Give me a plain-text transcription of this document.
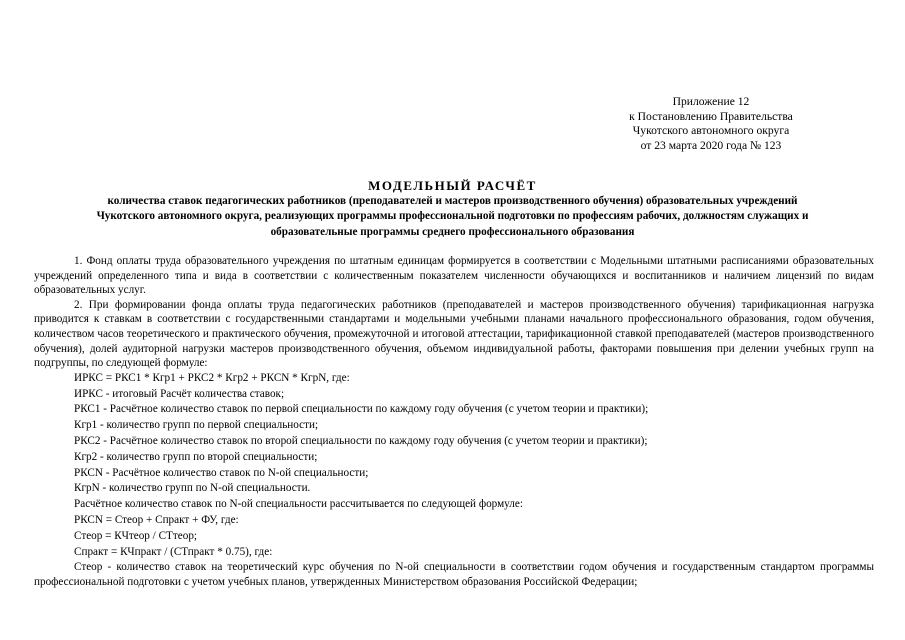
Приложение 12
к Постановлению Правительства
Чукотского автономного округа
от 23 марта 2020 года № 123
МОДЕЛЬНЫЙ РАСЧЁТ
количества ставок педагогических работников (преподавателей и мастеров производственного обучения) образовательных учреждений
Чукотского автономного округа, реализующих программы профессиональной подготовки по профессиям рабочих, должностям служащих и
образовательные программы среднего профессионального образования

1. Фонд оплаты труда образовательного учреждения по штатным единицам формируется в соответствии с Модельными штатными расписаниями образовательных учреждений определенного типа и вида в соответствии с количественным показателем численности обучающихся и воспитанников и наличием лицензий по видам образовательных услуг.

2. При формировании фонда оплаты труда педагогических работников (преподавателей и мастеров производственного обучения) тарификационная нагрузка приводится к ставкам в соответствии с государственными стандартами и модельными учебными планами начального профессионального образования, годом обучения, количеством часов теоретического и практического обучения, промежуточной и итоговой аттестации, тарификационной ставкой преподавателей (мастеров производственного обучения), долей аудиторной нагрузки мастеров производственного обучения, объемом индивидуальной работы, факторами повышения при делении учебных групп на подгруппы, по следующей формуле:

ИРКС = РКС1 * Кгр1 + РКС2 * Кгр2 + РКСN * КгрN, где:

ИРКС - итоговый Расчёт количества ставок;

РКС1 - Расчётное количество ставок по первой специальности по каждому году обучения (с учетом теории и практики);

Кгр1 - количество групп по первой специальности;

РКС2 - Расчётное количество ставок по второй специальности по каждому году обучения (с учетом теории и практики);

Кгр2 - количество групп по второй специальности;

РКСN - Расчётное количество ставок по N-ой специальности;

КгрN - количество групп по N-ой специальности.

Расчётное количество ставок по N-ой специальности рассчитывается по следующей формуле:

РКСN = Стеор + Спракт + ФУ, где:

Стеор = КЧтеор / СТтеор;

Спракт = КЧпракт / (СТпракт * 0.75), где:

Стеор - количество ставок на теоретический курс обучения по N-ой специальности в соответствии годом обучения и государственным стандартом программы профессиональной подготовки с учетом учебных планов, утвержденных Министерством образования Российской Федерации;
